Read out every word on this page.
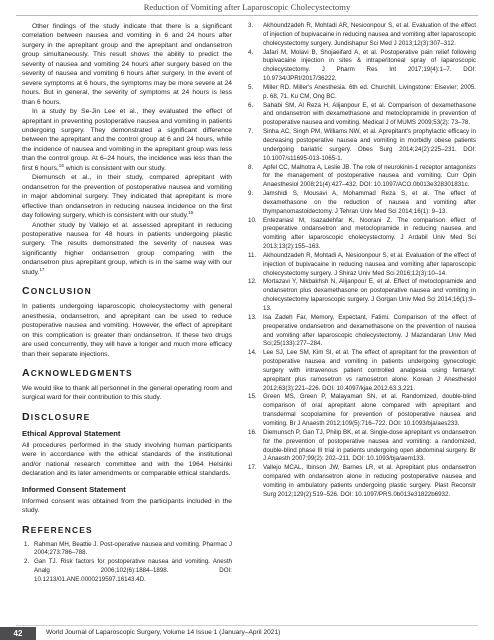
Reduction of Vomiting after Laparoscopic Cholecystectomy

Other findings of the study indicate that there is a significant correlation between nausea and vomiting in 6 and 24 hours after surgery in the aprepitant group and the aprepitant and ondansetron group simultaneously. This result shows the ability to predict the severity of nausea and vomiting 24 hours after surgery based on the severity of nausea and vomiting 6 hours after surgery. In the event of severe symptoms at 6 hours, the symptoms may be more severe at 24 hours. But in general, the severity of symptoms at 24 hours is less than 6 hours.

In a study by Se-Jin Lee et al., they evaluated the effect of aprepitant in preventing postoperative nausea and vomiting in patients undergoing surgery. They demonstrated a significant difference between the aprepitant and the control group at 6 and 24 hours, while the incidence of nausea and vomiting in the aprepitant group was less than the control group. At 6–24 hours, the incidence was less than the first 6 hours,$^{16}$ which is consistent with our study.

Diemunsch et al., in their study, compared aprepitant with ondansetron for the prevention of postoperative nausea and vomiting in major abdominal surgery. They indicated that aprepitant is more effective than ondansetron in reducing nausea incidence on the first day following surgery, which is consistent with our study.$^{15}$

Another study by Vallejo et al. assessed aprepitant in reducing postoperative nausea for 48 hours in patients undergoing plastic surgery. The results demonstrated the severity of nausea was significantly higher ondansetron group comparing with the ondansetron plus aprepitant group, which is in the same way with our study.$^{17}$

CONCLUSION

In patients undergoing laparoscopic cholecystectomy with general anesthesia, ondansetron, and aprepitant can be used to reduce postoperative nausea and vomiting. However, the effect of aprepitant on this complication is greater than ondansetron. If these two drugs are used concurrently, they will have a longer and much more efficacy than their separate injections.

ACKNOWLEDGMENTS

We would like to thank all personnel in the general operating room and surgical ward for their contribution to this study.

DISCLOSURE
Ethical Approval Statement

All procedures performed in the study involving human participants were in accordance with the ethical standards of the institutional and/or national research committee and with the 1964 Helsinki declaration and its later amendments or comparable ethical standards.

Informed Consent Statement

Informed consent was obtained from the participants included in the study.

REFERENCES
1. Rahman MH, Beattie J. Post-operative nausea and vomiting. Pharmac J 2004;273:786–788.
2. Gan TJ. Risk factors for postoperative nausea and vomiting. Anesth Analg 2006;102(6):1884–1898. DOI: 10.1213/01.ANE.0000219597.16143.4D.
3.	Akhoundzadeh R, Mohtadi AR, Nesioonpour S, et al. Evaluation of the effect of injection of bupivacaine in reducing nausea and vomiting after laparoscopic cholecystectomy surgery. Jundishapur Sci Med J 2013;12(3):307–312.
4.	Jafari M, Molavi B, Shojaeifard A, et al. Postoperative pain relief following bupivacaine injection in sites & intraperitoneal spray of laparoscopic cholecystectomy. J Pharm Res Int 2017;19(4):1–7. DOI: 10.9734/JPRI/2017/36222.
5.	Miller RD. Miller's Anesthesia. 6th ed. Churchill, Livingstone: Elsevier; 2005. p. 68, 71. Ku CM, Ong BC.
6.	Sahabi SM, Al Reza H, Alijanpour E, et al. Comparison of dexamethasone and ondansetron with dexamethasone and metoclopramide in prevention of postoperative nausea and vomiting. Medical J of MUMS 2009;53(2): 73–78.
7.	Sinha AC, Singh PM, Williams NW, et al. Aprepitant's prophylactic efficacy in decreasing postoperative nausea and vomiting in morbidly obese patients undergoing bariatric surgery. Obes Surg 2014;24(2):225–231. DOI: 10.1007/s11695-013-1065-1.
8.	Apfel CC, Malhotra A, Leslie JB. The role of neurokinin-1 receptor antagonists for the management of postoperative nausea and vomiting. Curr Opin Anaesthesiol 2008;21(4):427–432. DOI: 10.1097/ACO.0b013e328301831c.
9.	Jamshidi S, Mousavi A, Mohammad Reza S, et al. The effect of dexamethasone on the reduction of nausea and vomiting after thympanomastoidectomy. J Tehran Univ Med Sci 2014;16(1): 9–13.
10.	Entezariasl M, Isazadehfar K, Noorani Z. The comparison effect of preoperative ondansetron and metoclopramide in reducing nausea and vomiting after laparoscopic cholecystectomy. J Ardabil Univ Med Sci 2013;13(2):155–163.
11.	Akhoundzadeh R, Mohtadi A, Nesioonpour S, et al. Evaluation of the effect of injection of bupivacaine in reducing nausea and vomiting after laparoscopic cholecystectomy surgery. J Shiraz Univ Med Sci 2016;12(3):10–14.
12.	Mortazavi Y, Nikbakhsh N, Alijanpour E, et al. Effect of metoclopramide and ondansetron plus dexamethasone on postoperative nausea and vomiting in cholecystectomy laparoscopic surgery. J Gorgan Univ Med Sci 2014;16(1):9–13.
13.	Isa Zadeh Far, Memory, Expectant, Fatimi. Comparison of the effect of preoperative ondansetron and dexamethasone on the prevention of nausea and vomiting after laparoscopic cholecystectomy. J Mazandaran Univ Med Sci;25(133):277–284.
14.	Lee SJ, Lee SM, Kim SI, et al. The effect of aprepitant for the prevention of postoperative nausea and vomiting in patients undergoing gynecologic surgery with intravenous patient controlled analgesia using fentanyl: aprepitant plus ramosetron vs ramosetron alone. Korean J Anesthesiol 2012;63(3):221–226. DOI: 10.4097/kjae.2012.63.3.221.
15.	Green MS, Green P, Malayaman SN, et al. Randomized, double-blind comparison of oral aprepitant alone compared with aprepitant and transdermal scopolamine for prevention of postoperative nausea and vomiting. Br J Anaesth 2012;109(5):716–722. DOI: 10.1093/bja/aes233.
16.	Diemunsch P, Gan TJ, Philip BK, et al. Single-dose aprepitant vs ondansetron for the prevention of postoperative nausea and vomiting: a randomized, double-blind phase III trial in patients undergoing open abdominal surgery. Br J Anaesth 2007;99(2): 202–211. DOI: 10.1093/bja/aem133.
17.	Vallejo MCAL, Ibinson JW, Barnes LR, et al. Aprepitant plus ondansetron compared with ondansetron alone in reducing postoperative nausea and vomiting in ambulatory patients undergoing plastic surgery. Plast Reconstr Surg 2012;129(2):519–526. DOI: 10.1097/PRS.0b013e31822b6932.
42	World Journal of Laparoscopic Surgery, Volume 14 Issue 1 (January–April 2021)
